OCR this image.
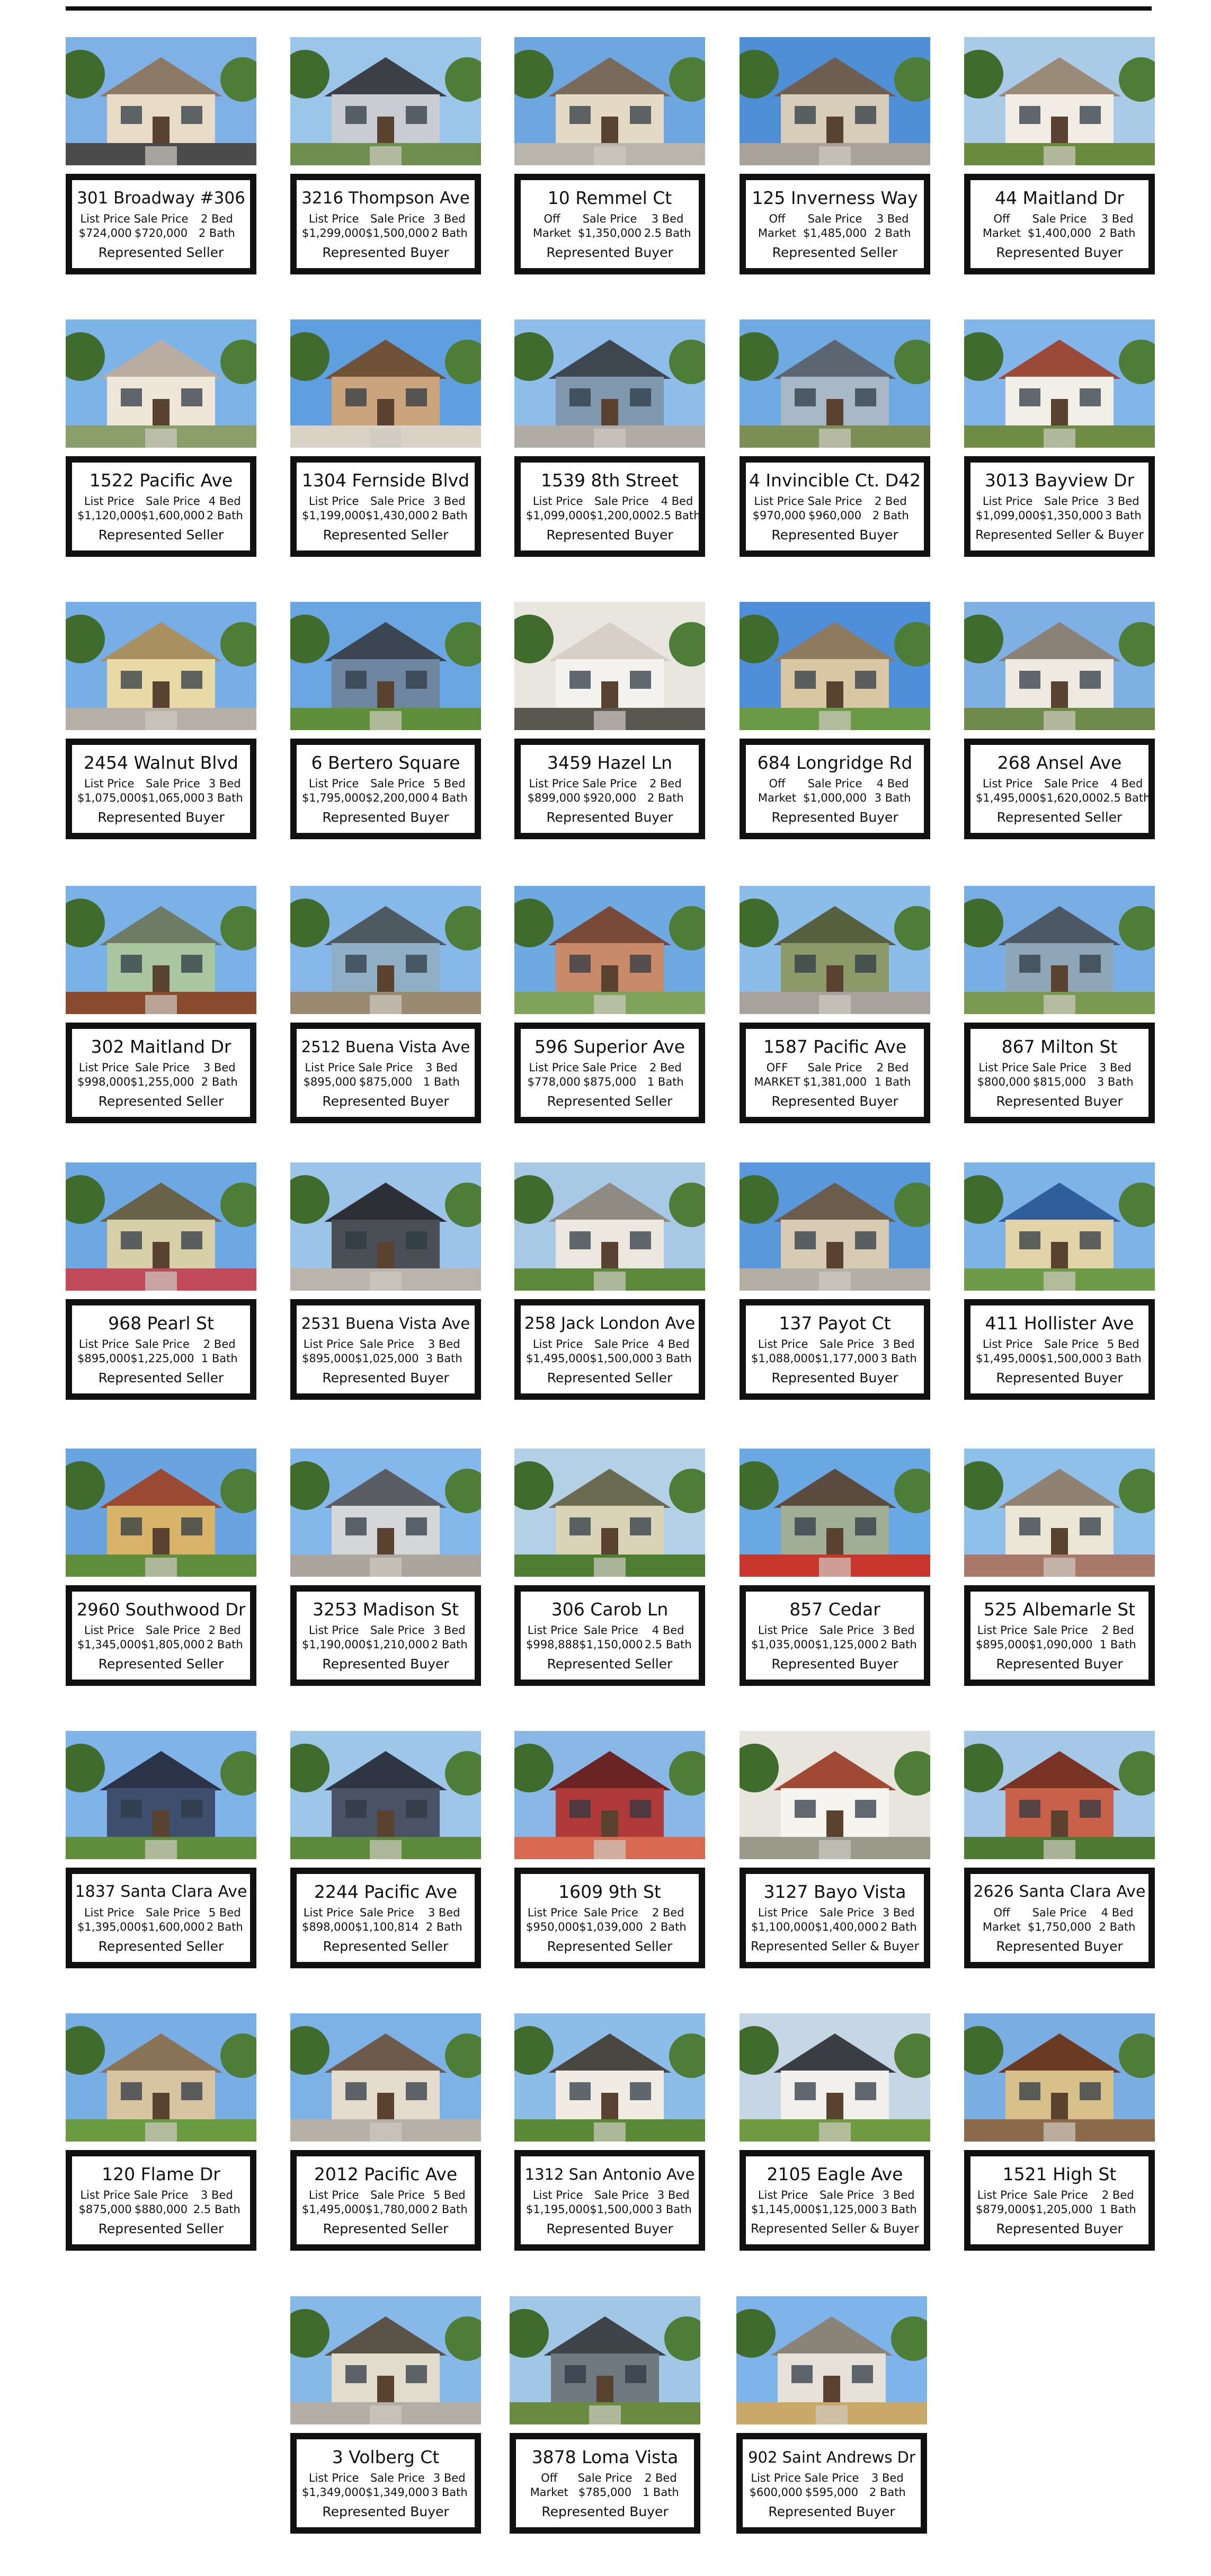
301 Broadway #306
List Price Sale Price	2 Bed
$724,000 $720,000 2 Bath
Represented Seller
3216 Thompson Ave
List Price	Sale Price 3 Bed
$1,299,000 $1,500,000 2 Bath
Represented Buyer
10 Remmel Ct
Off	Sale Price	3 Bed
Market $1,350,000 2.5 Bath
Represented Buyer
125 Inverness Way
Off	Sale Price	3 Bed
Market $1,485,000 2 Bath
Represented Seller
44 Maitland Dr
Off	Sale Price	3 Bed
Market $1,400,000 2 Bath
Represented Buyer
1522 Pacific Ave
List Price	Sale Price 4 Bed
$1,120,000 $1,600,000 2 Bath
Represented Seller
1304 Fernside Blvd
List Price	Sale Price 3 Bed
$1,199,000 $1,430,000 2 Bath
Represented Seller
1539 8th Street
List Price	Sale Price	4 Bed
$1,099,000 $1,200,000 2.5 Bath
Represented Buyer
4 Invincible Ct. D42
List Price Sale Price	2 Bed
$970,000 $960,000 2 Bath
Represented Buyer
3013 Bayview Dr
List Price	Sale Price 3 Bed
$1,099,000 $1,350,000 3 Bath
Represented Seller & Buyer
2454 Walnut Blvd
List Price	Sale Price 3 Bed
$1,075,000 $1,065,000 3 Bath
Represented Buyer
6 Bertero Square
List Price	Sale Price 5 Bed
$1,795,000 $2,200,000 4 Bath
Represented Buyer
3459 Hazel Ln
List Price Sale Price	2 Bed
$899,000 $920,000 2 Bath
Represented Buyer
684 Longridge Rd
Off	Sale Price	4 Bed
Market $1,000,000 3 Bath
Represented Buyer
268 Ansel Ave
List Price	Sale Price	4 Bed
$1,495,000 $1,620,000 2.5 Bath
Represented Seller
302 Maitland Dr
List Price Sale Price	3 Bed
$998,000 $1,255,000 2 Bath
Represented Seller
2512 Buena Vista Ave
List Price Sale Price	3 Bed
$895,000 $875,000 1 Bath
Represented Buyer
596 Superior Ave
List Price Sale Price	2 Bed
$778,000 $875,000 1 Bath
Represented Seller
1587 Pacific Ave
OFF	Sale Price	2 Bed
MARKET $1,381,000 1 Bath
Represented Buyer
867 Milton St
List Price Sale Price	3 Bed
$800,000 $815,000 3 Bath
Represented Buyer
968 Pearl St
List Price Sale Price	2 Bed
$895,000 $1,225,000 1 Bath
Represented Seller
2531 Buena Vista Ave
List Price Sale Price	3 Bed
$895,000 $1,025,000 3 Bath
Represented Buyer
258 Jack London Ave
List Price	Sale Price 4 Bed
$1,495,000 $1,500,000 3 Bath
Represented Seller
137 Payot Ct
List Price	Sale Price 3 Bed
$1,088,000 $1,177,000 3 Bath
Represented Buyer
411 Hollister Ave
List Price	Sale Price 5 Bed
$1,495,000 $1,500,000 3 Bath
Represented Buyer
2960 Southwood Dr
List Price	Sale Price 2 Bed
$1,345,000 $1,805,000 2 Bath
Represented Seller
3253 Madison St
List Price	Sale Price 3 Bed
$1,190,000 $1,210,000 2 Bath
Represented Buyer
306 Carob Ln
List Price Sale Price	4 Bed
$998,888 $1,150,000 2.5 Bath
Represented Seller
857 Cedar
List Price	Sale Price 3 Bed
$1,035,000 $1,125,000 2 Bath
Represented Buyer
525 Albemarle St
List Price Sale Price	2 Bed
$895,000 $1,090,000 1 Bath
Represented Buyer
1837 Santa Clara Ave
List Price	Sale Price 5 Bed
$1,395,000 $1,600,000 2 Bath
Represented Seller
2244 Pacific Ave
List Price Sale Price	3 Bed
$898,000 $1,100,814 2 Bath
Represented Seller
1609 9th St
List Price Sale Price	2 Bed
$950,000 $1,039,000 2 Bath
Represented Seller
3127 Bayo Vista
List Price	Sale Price 3 Bed
$1,100,000 $1,400,000 2 Bath
Represented Seller & Buyer
2626 Santa Clara Ave
Off	Sale Price	4 Bed
Market $1,750,000 2 Bath
Represented Buyer
120 Flame Dr
List Price Sale Price	3 Bed
$875,000 $880,000 2.5 Bath
Represented Seller
2012 Pacific Ave
List Price	Sale Price 5 Bed
$1,495,000 $1,780,000 2 Bath
Represented Seller
1312 San Antonio Ave
List Price	Sale Price 3 Bed
$1,195,000 $1,500,000 3 Bath
Represented Buyer
2105 Eagle Ave
List Price	Sale Price 3 Bed
$1,145,000 $1,125,000 3 Bath
Represented Seller & Buyer
1521 High St
List Price Sale Price	2 Bed
$879,000 $1,205,000 1 Bath
Represented Buyer
3 Volberg Ct
List Price	Sale Price 3 Bed
$1,349,000 $1,349,000 3 Bath
Represented Buyer
3878 Loma Vista
Off	Sale Price	2 Bed
Market $785,000 1 Bath
Represented Buyer
902 Saint Andrews Dr
List Price Sale Price	3 Bed
$600,000 $595,000 2 Bath
Represented Buyer
